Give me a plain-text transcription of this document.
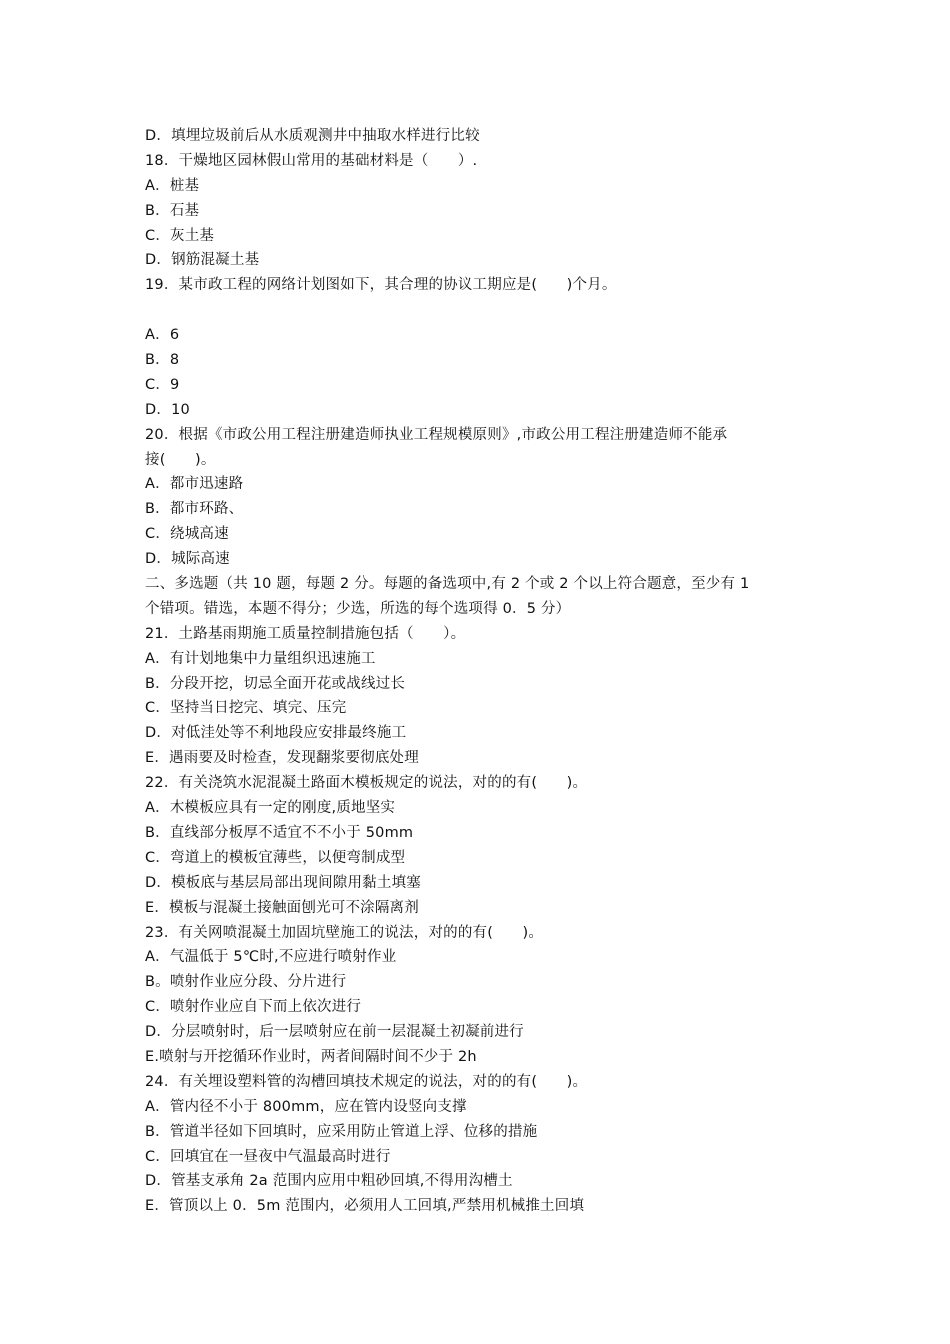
D．填埋垃圾前后从水质观测井中抽取水样进行比较
18．干燥地区园林假山常用的基础材料是（　　）.
A．桩基
B．石基
C．灰土基
D．钢筋混凝土基
19．某市政工程的网络计划图如下，其合理的协议工期应是(　　)个月。
A．6
B．8
C．9
D．10
20．根据《市政公用工程注册建造师执业工程规模原则》,市政公用工程注册建造师不能承
接(　　)。
A．都市迅速路
B．都市环路、
C．绕城高速
D．城际高速
二、多选题（共 10 题，每题 2 分。每题的备选项中,有 2 个或 2 个以上符合题意，至少有 1
个错项。错选，本题不得分；少选，所选的每个选项得 0．5 分）
21．土路基雨期施工质量控制措施包括（　　）。
A．有计划地集中力量组织迅速施工
B．分段开挖，切忌全面开花或战线过长
C．坚持当日挖完、填完、压完
D．对低洼处等不利地段应安排最终施工
E．遇雨要及时检查，发现翻浆要彻底处理
22．有关浇筑水泥混凝土路面木模板规定的说法，对的的有(　　)。
A．木模板应具有一定的刚度,质地坚实
B．直线部分板厚不适宜不不小于 50mm
C．弯道上的模板宜薄些，以便弯制成型
D．模板底与基层局部出现间隙用黏土填塞
E．模板与混凝土接触面刨光可不涂隔离剂
23．有关网喷混凝土加固坑壁施工的说法，对的的有(　　)。
A．气温低于 5℃时,不应进行喷射作业
B。喷射作业应分段、分片进行
C．喷射作业应自下而上依次进行
D．分层喷射时，后一层喷射应在前一层混凝土初凝前进行
E.喷射与开挖循环作业时，两者间隔时间不少于 2h
24．有关埋设塑料管的沟槽回填技术规定的说法，对的的有(　　)。
A．管内径不小于 800mm，应在管内设竖向支撑
B．管道半径如下回填时，应采用防止管道上浮、位移的措施
C．回填宜在一昼夜中气温最高时进行
D．管基支承角 2a 范围内应用中粗砂回填,不得用沟槽土
E．管顶以上 0．5m 范围内，必须用人工回填,严禁用机械推土回填
